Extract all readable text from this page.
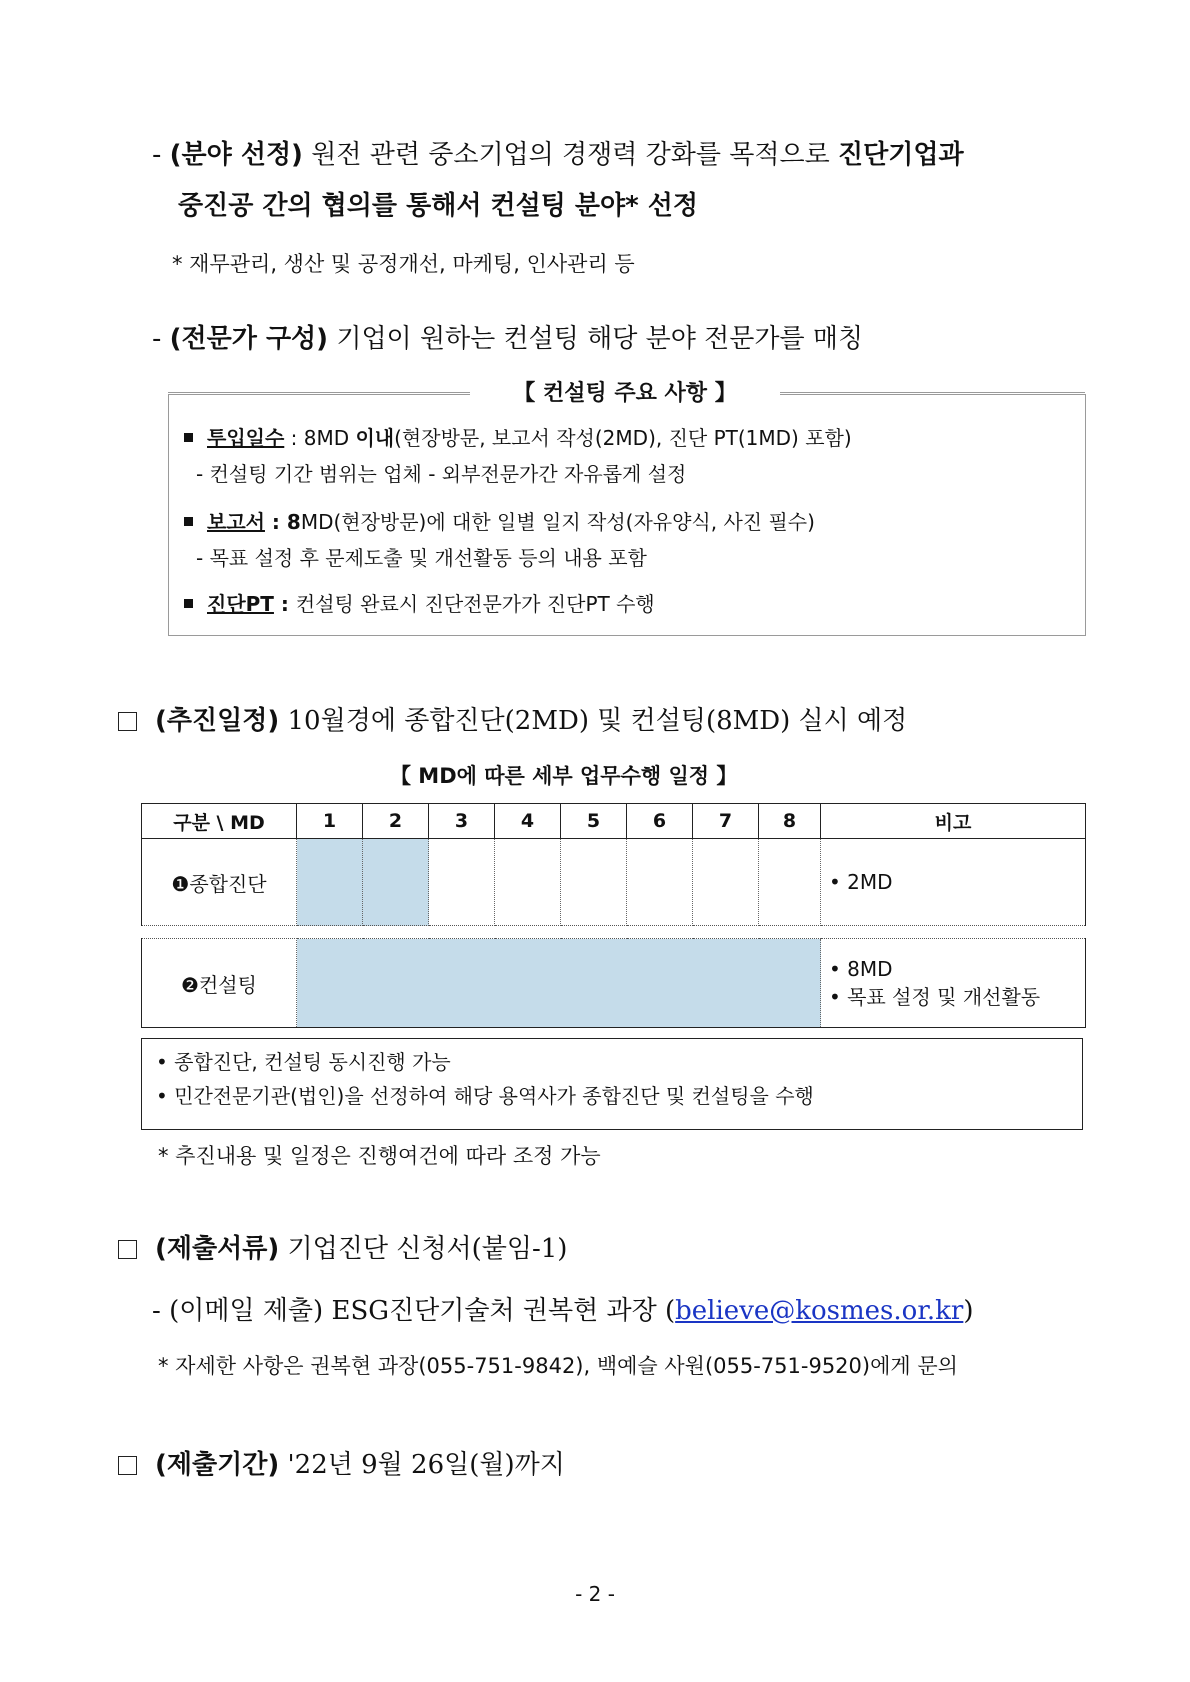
- (분야 선정) 원전 관련 중소기업의 경쟁력 강화를 목적으로 진단기업과
중진공 간의 협의를 통해서 컨설팅 분야* 선정
* 재무관리, 생산 및 공정개선, 마케팅, 인사관리 등
- (전문가 구성) 기업이 원하는 컨설팅 해당 분야 전문가를 매칭
【 컨설팅 주요 사항 】
투입일수 : 8MD 이내(현장방문, 보고서 작성(2MD), 진단 PT(1MD) 포함)
- 컨설팅 기간 범위는 업체 - 외부전문가간 자유롭게 설정
보고서 : 8MD(현장방문)에 대한 일별 일지 작성(자유양식, 사진 필수)
- 목표 설정 후 문제도출 및 개선활동 등의 내용 포함
진단PT : 컨설팅 완료시 진단전문가가 진단PT 수행
(추진일정) 10월경에 종합진단(2MD) 및 컨설팅(8MD) 실시 예정
【 MD에 따른 세부 업무수행 일정 】
구분 \ MD	1	2	3	4	5	6	7	8	비고
❶종합진단									• 2MD

❷컨설팅									• 8MD
• 목표 설정 및 개선활동
• 종합진단, 컨설팅 동시진행 가능
• 민간전문기관(법인)을 선정하여 해당 용역사가 종합진단 및 컨설팅을 수행
* 추진내용 및 일정은 진행여건에 따라 조정 가능
(제출서류) 기업진단 신청서(붙임-1)
- (이메일 제출) ESG진단기술처 권복현 과장 (believe@kosmes.or.kr)
* 자세한 사항은 권복현 과장(055-751-9842), 백예슬 사원(055-751-9520)에게 문의
(제출기간) '22년 9월 26일(월)까지
- 2 -
